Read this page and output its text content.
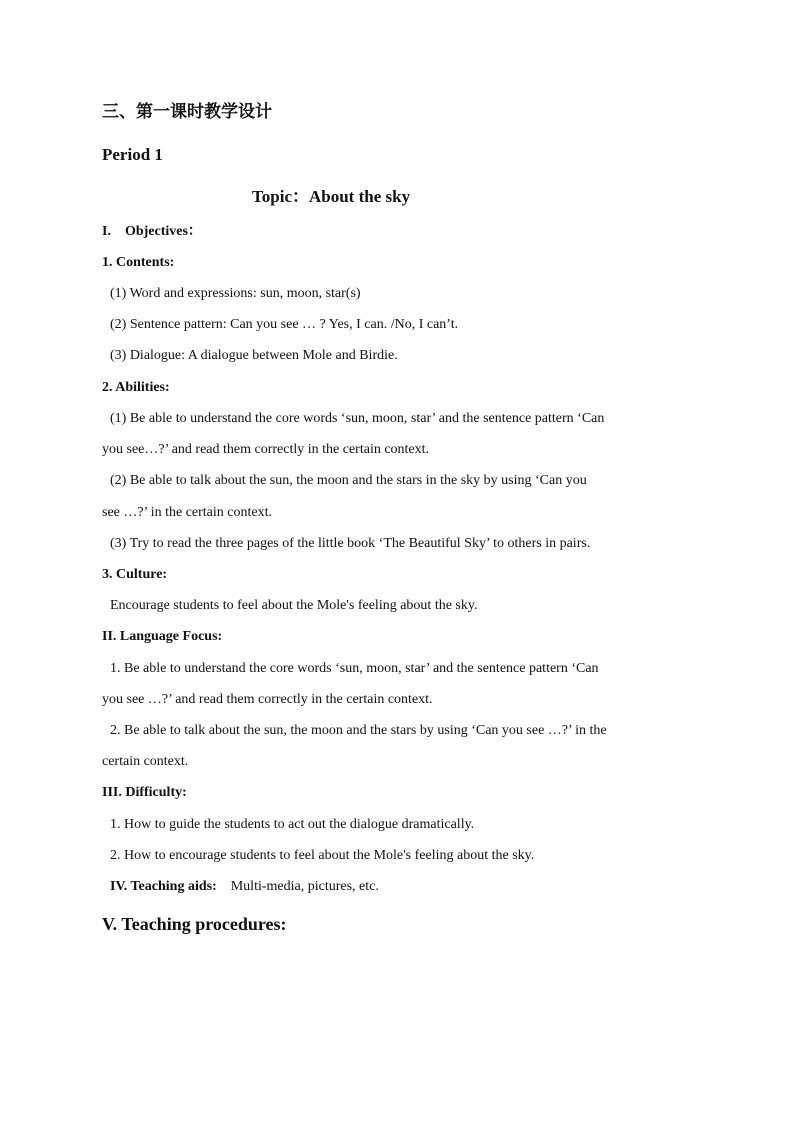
三、第一课时教学设计
Period 1
Topic：About the sky
I.　Objectives：
1. Contents:
(1) Word and expressions: sun, moon, star(s)
(2) Sentence pattern: Can you see … ? Yes, I can. /No, I can’t.
(3) Dialogue: A dialogue between Mole and Birdie.
2. Abilities:
(1) Be able to understand the core words ‘sun, moon, star’ and the sentence pattern ‘Can
you see…?’ and read them correctly in the certain context.
(2) Be able to talk about the sun, the moon and the stars in the sky by using ‘Can you
see …?’ in the certain context.
(3) Try to read the three pages of the little book ‘The Beautiful Sky’ to others in pairs.
3. Culture:
Encourage students to feel about the Mole's feeling about the sky.
II. Language Focus:
1. Be able to understand the core words ‘sun, moon, star’ and the sentence pattern ‘Can
you see …?’ and read them correctly in the certain context.
2. Be able to talk about the sun, the moon and the stars by using ‘Can you see …?’ in the
certain context.
III. Difficulty:
1. How to guide the students to act out the dialogue dramatically.
2. How to encourage students to feel about the Mole's feeling about the sky.
IV. Teaching aids: Multi-media, pictures, etc.
V. Teaching procedures:
